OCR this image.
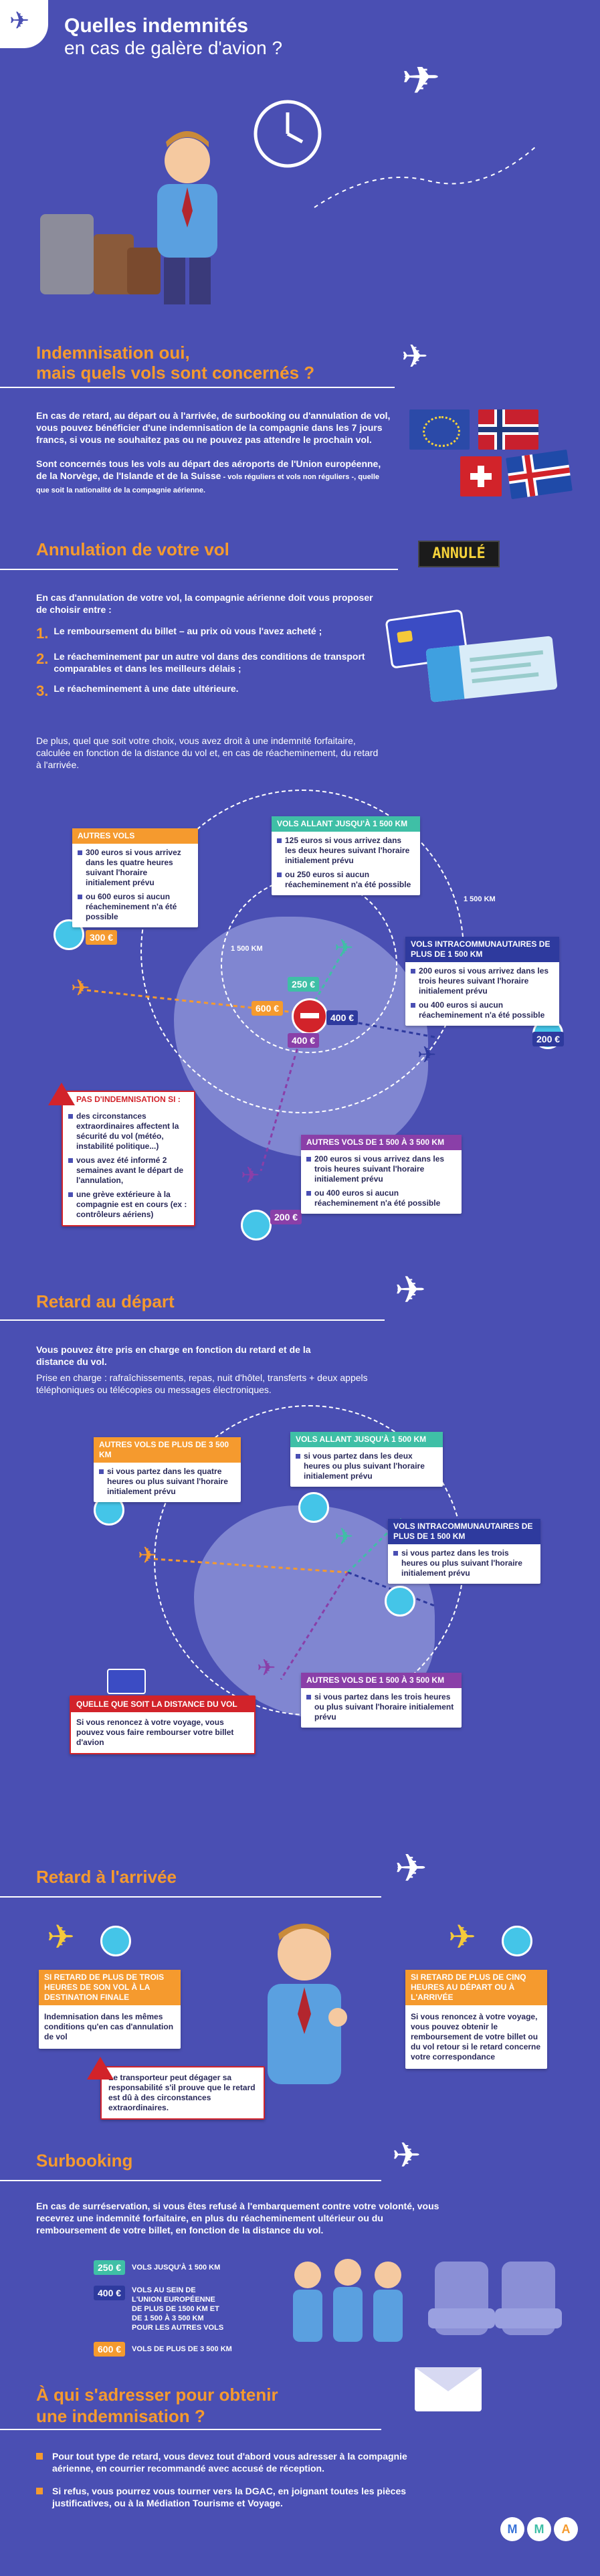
✈ Quelles indemnités
en cas de galère d'avion ?
✈
Indemnisation oui,
mais quels vols sont concernés ?	✈
En cas de retard, au départ ou à l'arrivée, de surbooking ou d'annulation de vol, vous pouvez bénéficier d'une indemnisation de la compagnie dans les 7 jours francs, si vous ne souhaitez pas ou ne pouvez pas attendre le prochain vol.
Sont concernés tous les vols au départ des aéroports de l'Union européenne, de la Norvège, de l'Islande et de la Suisse - vols réguliers et vols non réguliers -, quelle que soit la nationalité de la compagnie aérienne.
Annulation de votre vol	ANNULÉ
En cas d'annulation de votre vol, la compagnie aérienne doit vous proposer de choisir entre :
1. Le remboursement du billet – au prix où vous l'avez acheté ;
2. Le réacheminement par un autre vol dans des conditions de transport comparables et dans les meilleurs délais ;
3. Le réacheminement à une date ultérieure.
De plus, quel que soit votre choix, vous avez droit à une indemnité forfaitaire, calculée en fonction de la distance du vol et, en cas de réacheminement, du retard à l'arrivée.
1 500 KM
1 500 KM
✈
✈
✈
✈
250 €
600 €
300 €
400 €
200 €
400 €
200 €
AUTRES VOLS
300 euros si vous arrivez dans les quatre heures suivant l'horaire initialement prévu
ou 600 euros si aucun réacheminement n'a été possible
VOLS ALLANT JUSQU'À 1 500 KM
125 euros si vous arrivez dans les deux heures suivant l'horaire initialement prévu
ou 250 euros si aucun réacheminement n'a été possible
VOLS INTRACOMMUNAUTAIRES DE PLUS DE 1 500 KM
200 euros si vous arrivez dans les trois heures suivant l'horaire initialement prévu
ou 400 euros si aucun réacheminement n'a été possible
PAS D'INDEMNISATION SI :
des circonstances extraordinaires affectent la sécurité du vol (météo, instabilité politique...)
vous avez été informé 2 semaines avant le départ de l'annulation,
une grève extérieure à la compagnie est en cours (ex : contrôleurs aériens)
AUTRES VOLS DE 1 500 À 3 500 KM
200 euros si vous arrivez dans les trois heures suivant l'horaire initialement prévu
ou 400 euros si aucun réacheminement n'a été possible
Retard au départ	✈
Vous pouvez être pris en charge en fonction du retard et de la distance du vol.
Prise en charge : rafraîchissements, repas, nuit d'hôtel, transferts + deux appels téléphoniques ou télécopies ou messages électroniques.
✈
✈
✈
AUTRES VOLS DE PLUS DE 3 500 KM
si vous partez dans les quatre heures ou plus suivant l'horaire initialement prévu
VOLS ALLANT JUSQU'À 1 500 KM
si vous partez dans les deux heures ou plus suivant l'horaire initialement prévu
VOLS INTRACOMMUNAUTAIRES DE PLUS DE 1 500 KM
si vous partez dans les trois heures ou plus suivant l'horaire initialement prévu
AUTRES VOLS DE 1 500 À 3 500 KM
si vous partez dans les trois heures ou plus suivant l'horaire initialement prévu
QUELLE QUE SOIT LA DISTANCE DU VOL
Si vous renoncez à votre voyage, vous pouvez vous faire rembourser votre billet d'avion
Retard à l'arrivée	✈
✈	✈
SI RETARD DE PLUS DE TROIS HEURES DE SON VOL À LA DESTINATION FINALE
Indemnisation dans les mêmes conditions qu'en cas d'annulation de vol
SI RETARD DE PLUS DE CINQ HEURES AU DÉPART OU À L'ARRIVÉE
Si vous renoncez à votre voyage, vous pouvez obtenir le remboursement de votre billet ou du vol retour si le retard concerne votre correspondance
Le transporteur peut dégager sa responsabilité s'il prouve que le retard est dû à des circonstances extraordinaires.
Surbooking	✈
En cas de surréservation, si vous êtes refusé à l'embarquement contre votre volonté, vous recevrez une indemnité forfaitaire, en plus du réacheminement ultérieur ou du remboursement de votre billet, en fonction de la distance du vol.
250 €	VOLS JUSQU'À 1 500 KM
400 €	VOLS AU SEIN DE L'UNION EUROPÉENNE DE PLUS DE 1500 KM ET DE 1 500 À 3 500 KM POUR LES AUTRES VOLS
600 €	VOLS DE PLUS DE 3 500 KM
À qui s'adresser pour obtenir
une indemnisation ?
Pour tout type de retard, vous devez tout d'abord vous adresser à la compagnie aérienne, en courrier recommandé avec accusé de réception.
Si refus, vous pourrez vous tourner vers la DGAC, en joignant toutes les pièces justificatives, ou à la Médiation Tourisme et Voyage.
M	M	A
